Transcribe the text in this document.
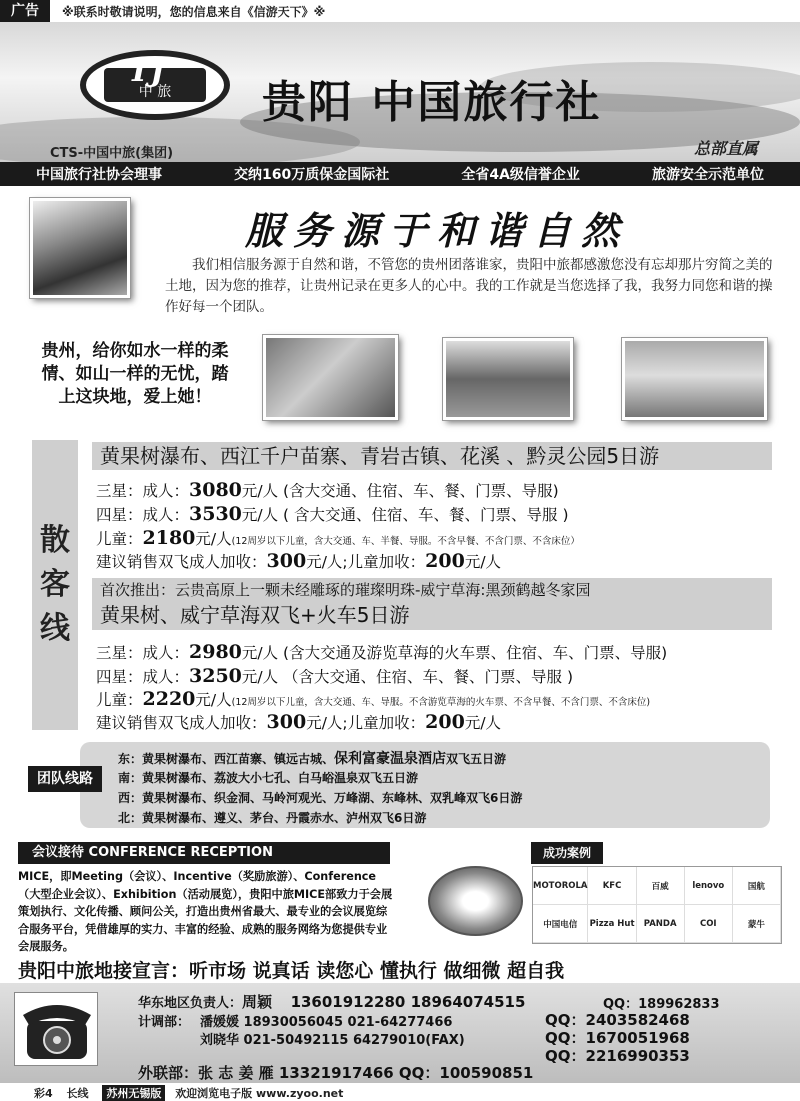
广告	※联系时敬请说明，您的信息来自《信游天下》※
中 旅
TJ
贵阳 中国旅行社
CTS-中国中旅(集团)	总部直属
中国旅行社协会理事	交纳160万质保金国际社	全省4A级信誉企业	旅游安全示范单位
服务源于和谐自然
我们相信服务源于自然和谐，不管您的贵州团落谁家，贵阳中旅都感激您没有忘却那片穷简之美的土地，因为您的推荐，让贵州记录在更多人的心中。我的工作就是当您选择了我，我努力同您和谐的操作好每一个团队。
贵州，给你如水一样的柔情、如山一样的无忧，踏上这块地，爱上她！
散
客
线
黄果树瀑布、西江千户苗寨、青岩古镇、花溪 、黔灵公园5日游
三星：成人：3080元/人 (含大交通、住宿、车、餐、门票、导服)
四星：成人：3530元/人 ( 含大交通、住宿、车、餐、门票、导服 )
儿童：2180元/人(12周岁以下儿童，含大交通、车、半餐、导服。不含早餐、不含门票、不含床位）
建议销售双飞成人加收：300元/人;儿童加收：200元/人
首次推出：云贵高原上一颗未经雕琢的璀璨明珠-威宁草海:黑颈鹤越冬家园
黄果树、威宁草海双飞+火车5日游
三星：成人：2980元/人 (含大交通及游览草海的火车票、住宿、车、门票、导服)
四星：成人：3250元/人 （含大交通、住宿、车、餐、门票、导服 )
儿童：2220元/人(12周岁以下儿童，含大交通、车、导服。不含游览草海的火车票、不含早餐、不含门票、不含床位)
建议销售双飞成人加收：300元/人;儿童加收：200元/人
团队线路
东：黄果树瀑布、西江苗寨、镇远古城、保利富豪温泉酒店双飞五日游
南：黄果树瀑布、荔波大小七孔、白马峪温泉双飞五日游
西：黄果树瀑布、织金洞、马岭河观光、万峰湖、东峰林、双乳峰双飞6日游
北：黄果树瀑布、遵义、茅台、丹霞赤水、泸州双飞6日游
会议接待 CONFERENCE RECEPTION
MICE，即Meeting（会议）、Incentive（奖励旅游）、Conference（大型企业会议）、Exhibition（活动展览），贵阳中旅MICE部致力于会展策划执行、文化传播、顾问公关，打造出贵州省最大、最专业的会议展览综合服务平台，凭借雄厚的实力、丰富的经验、成熟的服务网络为您提供专业会展服务。
成功案例
MOTOROLA	KFC	百威	lenovo	国航
中国电信	Pizza Hut	PANDA	COI	蒙牛
贵阳中旅地接宣言：听市场 说真话 读您心 懂执行 做细微 超自我
华东地区负责人：周颖 13601912280 18964074515	QQ：189962833
计调部： 潘媛媛 18930056045 021-64277466
刘晓华 021-50492115 64279010(FAX)
QQ：2403582468
QQ：1670051968
QQ：2216990353
外联部：张 志 姜 雁 13321917466 QQ：100590851
彩4 长线 苏州无锡版 欢迎浏览电子版 www.zyoo.net
